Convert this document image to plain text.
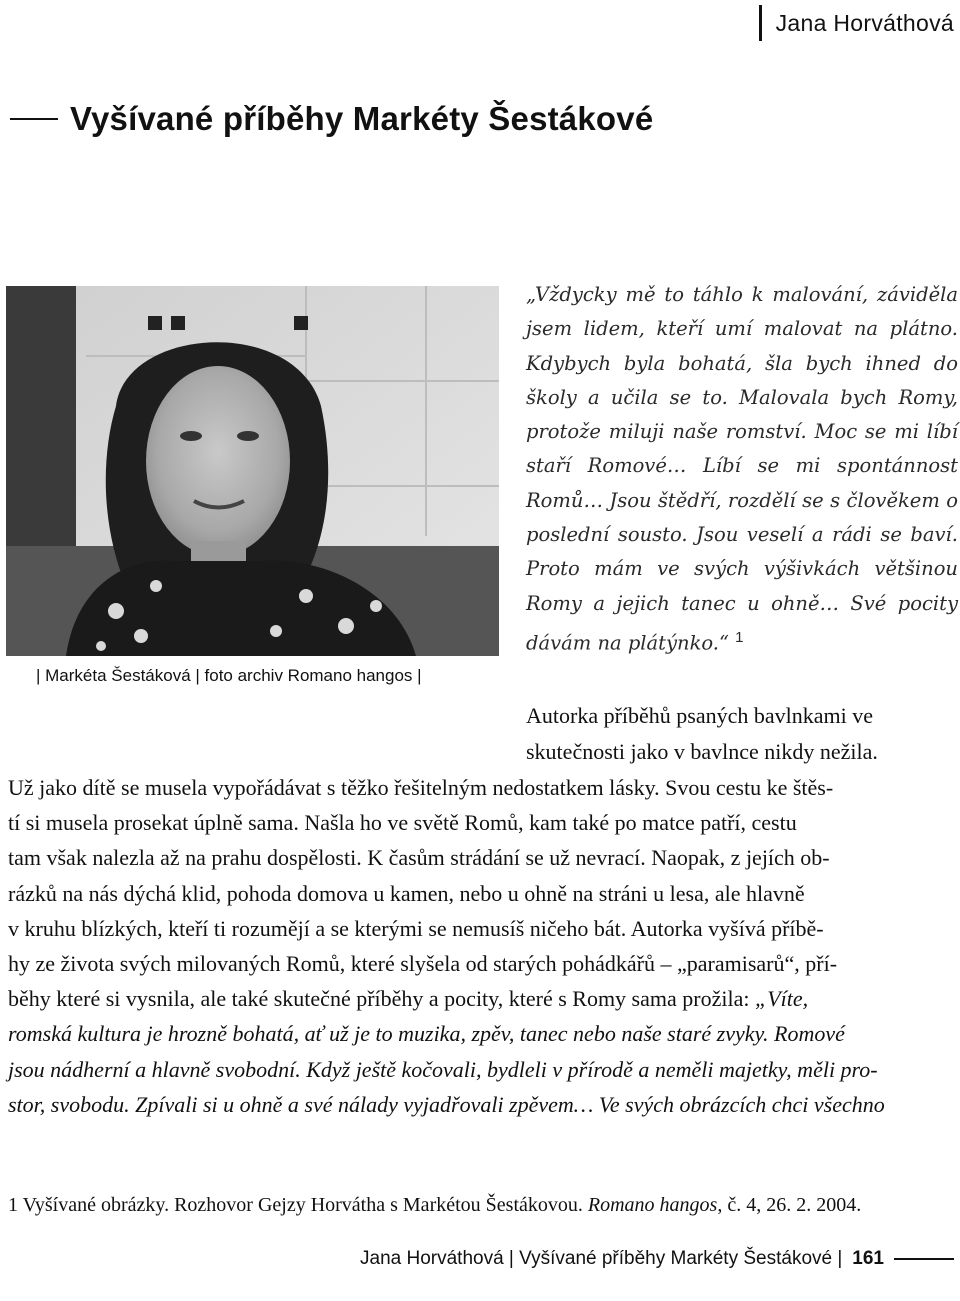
Jana Horváthová
Vyšívané příběhy Markéty Šestákové
| Markéta Šestáková | foto archiv Romano hangos |
„Vždycky mě to táhlo k malování, záviděla jsem lidem, kteří umí malovat na plátno. Kdybych byla bohatá, šla bych ihned do školy a učila se to. Malovala bych Romy, protože miluji naše romství. Moc se mi líbí staří Romové… Líbí se mi spontánnost Romů… Jsou štědří, rozdělí se s člověkem o poslední sousto. Jsou veselí a rádi se baví. Proto mám ve svých výšivkách většinou Romy a jejich tanec u ohně… Své pocity dávám na plátýnko.“ $^1$
Autorka příběhů psaných bavlnkami ve
skutečnosti jako v bavlnce nikdy nežila.
Už jako dítě se musela vypořádávat s těžko řešitelným nedostatkem lásky. Svou cestu ke štěs-
tí si musela prosekat úplně sama. Našla ho ve světě Romů, kam také po matce patří, cestu
tam však nalezla až na prahu dospělosti. K časům strádání se už nevrací. Naopak, z jejích ob-
rázků na nás dýchá klid, pohoda domova u kamen, nebo u ohně na stráni u lesa, ale hlavně
v kruhu blízkých, kteří ti rozumějí a se kterými se nemusíš ničeho bát. Autorka vyšívá příbě-
hy ze života svých milovaných Romů, které slyšela od starých pohádkářů – „paramisarů“, pří-
běhy které si vysnila, ale také skutečné příběhy a pocity, které s Romy sama prožila: „Víte,
romská kultura je hrozně bohatá, ať už je to muzika, zpěv, tanec nebo naše staré zvyky. Romové
jsou nádherní a hlavně svobodní. Když ještě kočovali, bydleli v přírodě a neměli majetky, měli pro-
stor, svobodu. Zpívali si u ohně a své nálady vyjadřovali zpěvem… Ve svých obrázcích chci všechno
1 Vyšívané obrázky. Rozhovor Gejzy Horvátha s Markétou Šestákovou. Romano hangos, č. 4, 26. 2. 2004.
Jana Horváthová | Vyšívané příběhy Markéty Šestákové | 161
